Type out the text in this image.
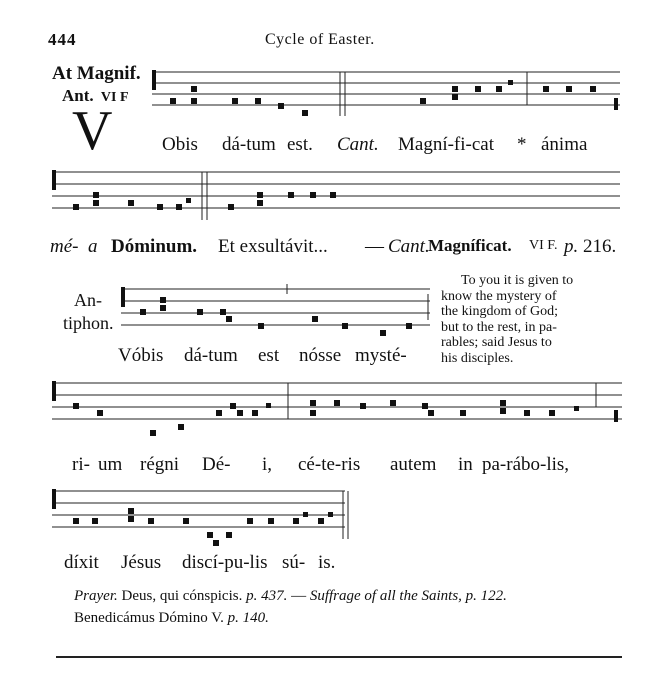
444	Cycle of Easter.
At Magnif.
Ant. VI F
V	Obis dá-tum est. Cant. Magní-fi-cat * ánima
mé- a Dóminum. Et exsultávit... — Cant.
Magníficat. VI F. p. 216.
An-
tiphon.
Vóbis dá-tum est nósse mysté-
To you it is given to
know the mystery of
the kingdom of God;
but to the rest, in pa-
rables; said Jesus to
his disciples.
ri- um régni Dé- i, cé-te-ris autem in pa-rábo-lis,
díxit Jésus discí-pu-lis sú- is.
Prayer. Deus, qui cónspicis. p. 437. — Suffrage of all the Saints, p. 122.
Benedicámus Dómino V. p. 140.
